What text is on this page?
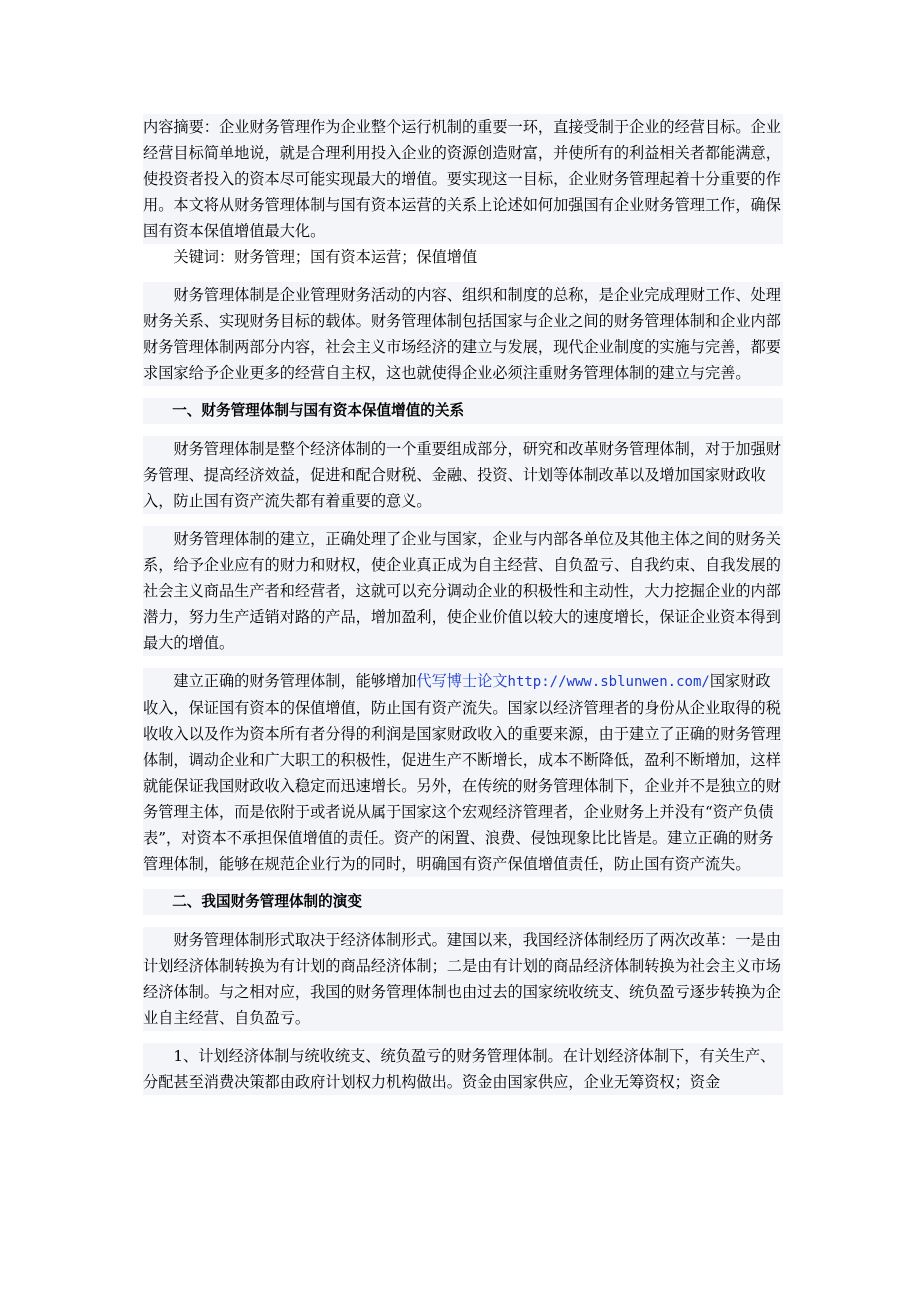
内容摘要：企业财务管理作为企业整个运行机制的重要一环，直接受制于企业的经营目标。企业经营目标简单地说，就是合理利用投入企业的资源创造财富，并使所有的利益相关者都能满意，使投资者投入的资本尽可能实现最大的增值。要实现这一目标，企业财务管理起着十分重要的作用。本文将从财务管理体制与国有资本运营的关系上论述如何加强国有企业财务管理工作，确保国有资本保值增值最大化。

关键词：财务管理；国有资本运营；保值增值

财务管理体制是企业管理财务活动的内容、组织和制度的总称，是企业完成理财工作、处理财务关系、实现财务目标的载体。财务管理体制包括国家与企业之间的财务管理体制和企业内部财务管理体制两部分内容，社会主义市场经济的建立与发展，现代企业制度的实施与完善，都要求国家给予企业更多的经营自主权，这也就使得企业必须注重财务管理体制的建立与完善。

一、财务管理体制与国有资本保值增值的关系

财务管理体制是整个经济体制的一个重要组成部分，研究和改革财务管理体制，对于加强财务管理、提高经济效益，促进和配合财税、金融、投资、计划等体制改革以及增加国家财政收入，防止国有资产流失都有着重要的意义。

财务管理体制的建立，正确处理了企业与国家，企业与内部各单位及其他主体之间的财务关系，给予企业应有的财力和财权，使企业真正成为自主经营、自负盈亏、自我约束、自我发展的社会主义商品生产者和经营者，这就可以充分调动企业的积极性和主动性，大力挖掘企业的内部潜力，努力生产适销对路的产品，增加盈利，使企业价值以较大的速度增长，保证企业资本得到最大的增值。

建立正确的财务管理体制，能够增加代写博士论文http://www.sblunwen.com/国家财政收入，保证国有资本的保值增值，防止国有资产流失。国家以经济管理者的身份从企业取得的税收收入以及作为资本所有者分得的利润是国家财政收入的重要来源，由于建立了正确的财务管理体制，调动企业和广大职工的积极性，促进生产不断增长，成本不断降低，盈利不断增加，这样就能保证我国财政收入稳定而迅速增长。另外，在传统的财务管理体制下，企业并不是独立的财务管理主体，而是依附于或者说从属于国家这个宏观经济管理者，企业财务上并没有“资产负债表”，对资本不承担保值增值的责任。资产的闲置、浪费、侵蚀现象比比皆是。建立正确的财务管理体制，能够在规范企业行为的同时，明确国有资产保值增值责任，防止国有资产流失。

二、我国财务管理体制的演变

财务管理体制形式取决于经济体制形式。建国以来，我国经济体制经历了两次改革：一是由计划经济体制转换为有计划的商品经济体制；二是由有计划的商品经济体制转换为社会主义市场经济体制。与之相对应，我国的财务管理体制也由过去的国家统收统支、统负盈亏逐步转换为企业自主经营、自负盈亏。

1、计划经济体制与统收统支、统负盈亏的财务管理体制。在计划经济体制下，有关生产、分配甚至消费决策都由政府计划权力机构做出。资金由国家供应，企业无筹资权；资金
